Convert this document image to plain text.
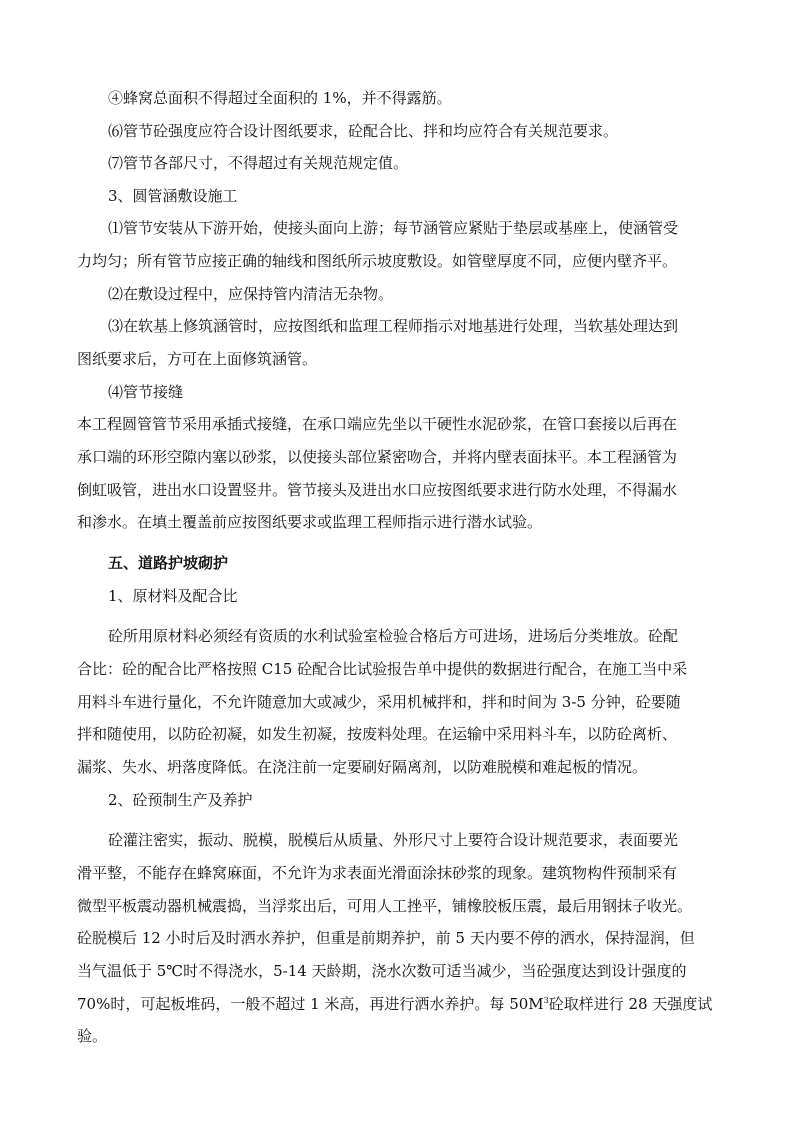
④蜂窝总面积不得超过全面积的 1%，并不得露筋。
⑹管节砼强度应符合设计图纸要求，砼配合比、拌和均应符合有关规范要求。
⑺管节各部尺寸，不得超过有关规范规定值。
3、圆管涵敷设施工
⑴管节安装从下游开始，使接头面向上游；每节涵管应紧贴于垫层或基座上，使涵管受
力均匀；所有管节应接正确的轴线和图纸所示坡度敷设。如管壁厚度不同，应便内壁齐平。
⑵在敷设过程中，应保持管内清洁无杂物。
⑶在软基上修筑涵管时，应按图纸和监理工程师指示对地基进行处理，当软基处理达到
图纸要求后，方可在上面修筑涵管。
⑷管节接缝
本工程圆管管节采用承插式接缝，在承口端应先坐以干硬性水泥砂浆，在管口套接以后再在
承口端的环形空隙内塞以砂浆，以使接头部位紧密吻合，并将内壁表面抹平。本工程涵管为
倒虹吸管，进出水口设置竖井。管节接头及进出水口应按图纸要求进行防水处理，不得漏水
和渗水。在填土覆盖前应按图纸要求或监理工程师指示进行潜水试验。
五、道路护坡砌护
1、原材料及配合比
砼所用原材料必须经有资质的水利试验室检验合格后方可进场，进场后分类堆放。砼配
合比：砼的配合比严格按照 C15 砼配合比试验报告单中提供的数据进行配合，在施工当中采
用料斗车进行量化，不允许随意加大或减少，采用机械拌和，拌和时间为 3-5 分钟，砼要随
拌和随使用，以防砼初凝，如发生初凝，按废料处理。在运输中采用料斗车，以防砼离析、
漏浆、失水、坍落度降低。在浇注前一定要刷好隔离剂，以防难脱模和难起板的情况。
2、砼预制生产及养护
砼灌注密实，振动、脱模，脱模后从质量、外形尺寸上要符合设计规范要求，表面要光
滑平整，不能存在蜂窝麻面，不允许为求表面光滑面涂抹砂浆的现象。建筑物构件预制采有
微型平板震动器机械震捣，当浮浆出后，可用人工挫平，铺橡胶板压震，最后用钢抹子收光。
砼脱模后 12 小时后及时洒水养护，但重是前期养护，前 5 天内要不停的洒水，保持湿润，但
当气温低于 5℃时不得浇水，5-14 天龄期，浇水次数可适当减少，当砼强度达到设计强度的
70%时，可起板堆码，一般不超过 1 米高，再进行洒水养护。每 $50M^3$砼取样进行 28 天强度试
验。
